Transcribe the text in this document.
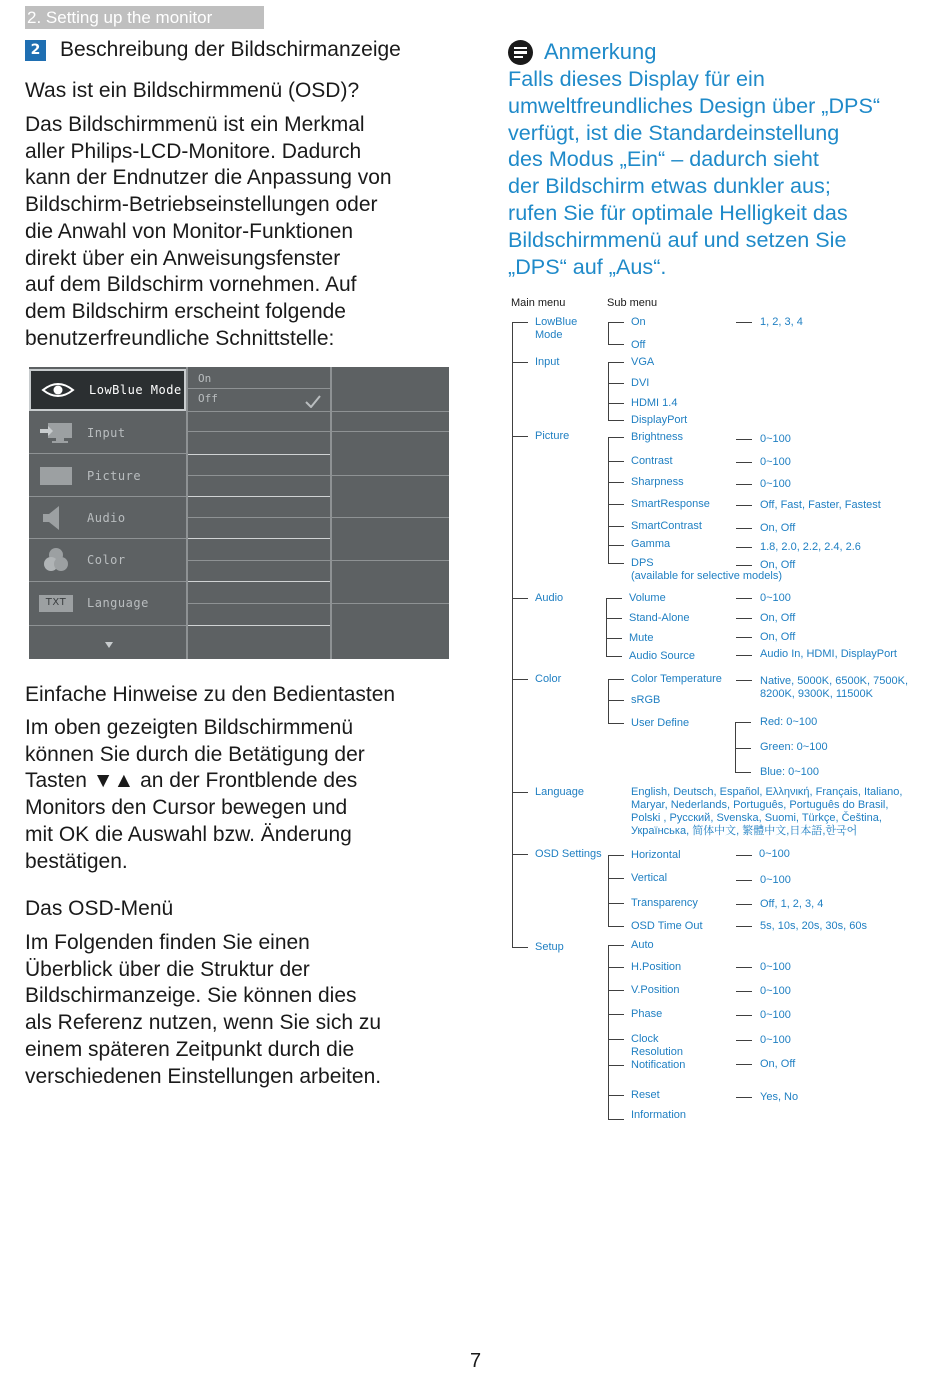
2. Setting up the monitor
2 Beschreibung der Bildschirmanzeige
Was ist ein Bildschirmmenü (OSD)?
Das Bildschirmmenü ist ein Merkmal
aller Philips-LCD-Monitore. Dadurch
kann der Endnutzer die Anpassung von
Bildschirm-Betriebseinstellungen oder
die Anwahl von Monitor-Funktionen
direkt über ein Anweisungsfenster
auf dem Bildschirm vornehmen. Auf
dem Bildschirm erscheint folgende
benutzerfreundliche Schnittstelle:
LowBlue Mode
Input
Picture
Audio
Color
TXT Language
On
Off
Einfache Hinweise zu den Bedientasten
Im oben gezeigten Bildschirmmenü
können Sie durch die Betätigung der
Tasten ▼▲ an der Frontblende des
Monitors den Cursor bewegen und
mit OK die Auswahl bzw. Änderung
bestätigen.
Das OSD-Menü
Im Folgenden finden Sie einen
Überblick über die Struktur der
Bildschirmanzeige. Sie können dies
als Referenz nutzen, wenn Sie sich zu
einem späteren Zeitpunkt durch die
verschiedenen Einstellungen arbeiten.
Anmerkung
Falls dieses Display für ein
umweltfreundliches Design über „DPS“
verfügt, ist die Standardeinstellung
des Modus „Ein“ – dadurch sieht
der Bildschirm etwas dunkler aus;
rufen Sie für optimale Helligkeit das
Bildschirmmenü auf und setzen Sie
„DPS“ auf „Aus“.
Main menu	Sub menu
LowBlue
Mode
Input
Picture
Audio
Color
Language
OSD Settings
Setup
On
Off
1, 2, 3, 4
VGA
DVI
HDMI 1.4
DisplayPort
Brightness
Contrast
Sharpness
SmartResponse
SmartContrast
Gamma
DPS
(available for selective models)
0~100
0~100
0~100
Off, Fast, Faster, Fastest
On, Off
1.8, 2.0, 2.2, 2.4, 2.6
On, Off
Volume
Stand-Alone
Mute
Audio Source
0~100
On, Off
On, Off
Audio In, HDMI, DisplayPort
Color Temperature
sRGB
User Define
Native, 5000K, 6500K, 7500K,
8200K, 9300K, 11500K
Red: 0~100
Green: 0~100
Blue: 0~100
English, Deutsch, Español, Ελληνική, Français, Italiano,
Maryar, Nederlands, Português, Português do Brasil,
Polski , Русский, Svenska, Suomi, Türkçe, Čeština,
Українська, 简体中文, 繁體中文,日本語,한국어
Horizontal
Vertical
Transparency
OSD Time Out
0~100
0~100
Off, 1, 2, 3, 4
5s, 10s, 20s, 30s, 60s
Auto
H.Position
V.Position
Phase
Clock
Resolution
Notification
Reset
Information
0~100
0~100
0~100
0~100
On, Off
Yes, No
7
